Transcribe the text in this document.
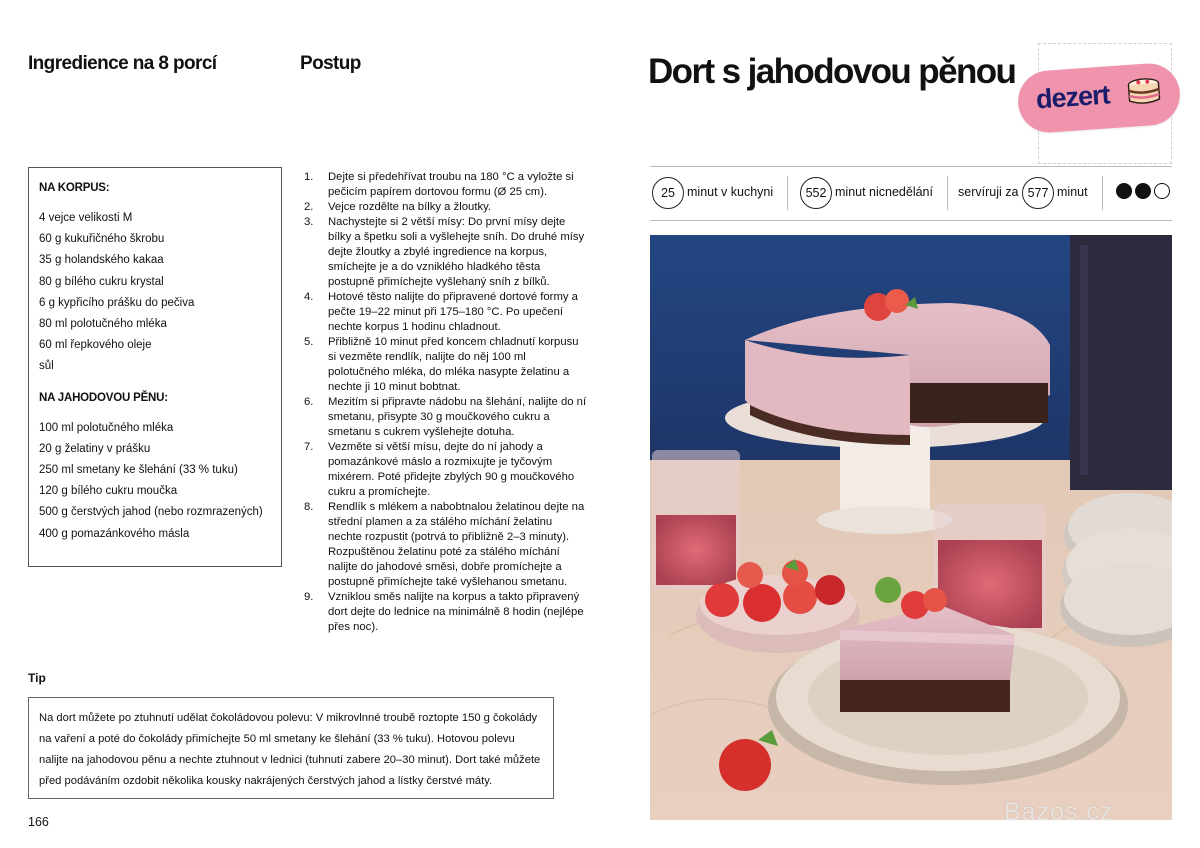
Ingredience na 8 porcí	Postup
NA KORPUS:
4 vejce velikosti M
60 g kukuřičného škrobu
35 g holandského kakaa
80 g bílého cukru krystal
6 g kypřicího prášku do pečiva
80 ml polotučného mléka
60 ml řepkového oleje
sůl
NA JAHODOVOU PĚNU:
100 ml polotučného mléka
20 g želatiny v prášku
250 ml smetany ke šlehání (33 % tuku)
120 g bílého cukru moučka
500 g čerstvých jahod (nebo rozmrazených)
400 g pomazánkového másla
1. Dejte si předehřívat troubu na 180 °C a vyložte si pečicím papírem dortovou formu (Ø 25 cm).
2. Vejce rozdělte na bílky a žloutky.
3. Nachystejte si 2 větší mísy: Do první mísy dejte bílky a špetku soli a vyšlehejte sníh. Do druhé mísy dejte žloutky a zbylé ingredience na korpus, smíchejte je a do vzniklého hladkého těsta postupně přimíchejte vyšlehaný sníh z bílků.
4. Hotové těsto nalijte do připravené dortové formy a pečte 19–22 minut při 175–180 °C. Po upečení nechte korpus 1 hodinu chladnout.
5. Přibližně 10 minut před koncem chladnutí korpusu si vezměte rendlík, nalijte do něj 100 ml polotučného mléka, do mléka nasypte želatinu a nechte ji 10 minut bobtnat.
6. Mezitím si připravte nádobu na šlehání, nalijte do ní smetanu, přisypte 30 g moučkového cukru a smetanu s cukrem vyšlehejte dotuha.
7. Vezměte si větší mísu, dejte do ní jahody a pomazánkové máslo a rozmixujte je tyčovým mixérem. Poté přidejte zbylých 90 g moučkového cukru a promíchejte.
8. Rendlík s mlékem a nabobtnalou želatinou dejte na střední plamen a za stálého míchání želatinu nechte rozpustit (potrvá to přibližně 2–3 minuty). Rozpuštěnou želatinu poté za stálého míchání nalijte do jahodové směsi, dobře promíchejte a postupně přimíchejte také vyšlehanou smetanu.
9. Vzniklou směs nalijte na korpus a takto připravený dort dejte do lednice na minimálně 8 hodin (nejlépe přes noc).
Tip
Na dort můžete po ztuhnutí udělat čokoládovou polevu: V mikrovlnné troubě roztopte 150 g čokolády na vaření a poté do čokolády přimíchejte 50 ml smetany ke šlehání (33 % tuku). Hotovou polevu nalijte na jahodovou pěnu a nechte ztuhnout v lednici (tuhnutí zabere 20–30 minut). Dort také můžete před podáváním ozdobit několika kousky nakrájených čerstvých jahod a lístky čerstvé máty.
166
Dort s jahodovou pěnou
dezert
25 minut v kuchyni	552 minut nicnedělání servíruji za 577 minut
Bazos.cz
